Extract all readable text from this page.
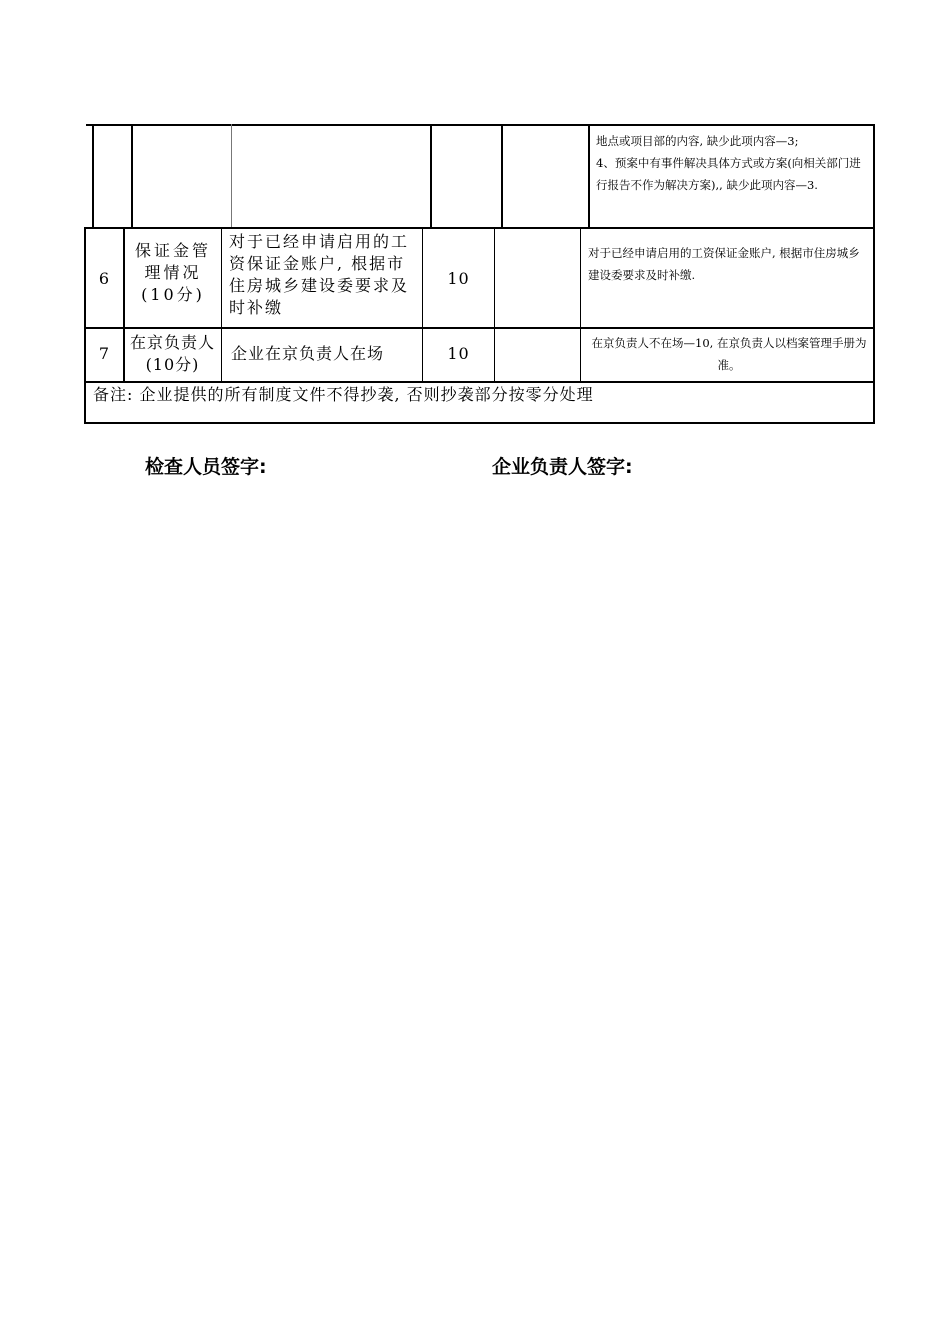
地点或项目部的内容, 缺少此项内容—3;
4、预案中有事件解决具体方式或方案(向相关部门进行报告不作为解决方案),, 缺少此项内容—3.
6
保证金管理情况(10分)
对于已经申请启用的工资保证金账户, 根据市住房城乡建设委要求及时补缴
10
对于已经申请启用的工资保证金账户, 根据市住房城乡建设委要求及时补缴.
7
在京负责人(10分)
企业在京负责人在场	10
在京负责人不在场—10, 在京负责人以档案管理手册为准。
备注: 企业提供的所有制度文件不得抄袭, 否则抄袭部分按零分处理
检查人员签字:	企业负责人签字:
